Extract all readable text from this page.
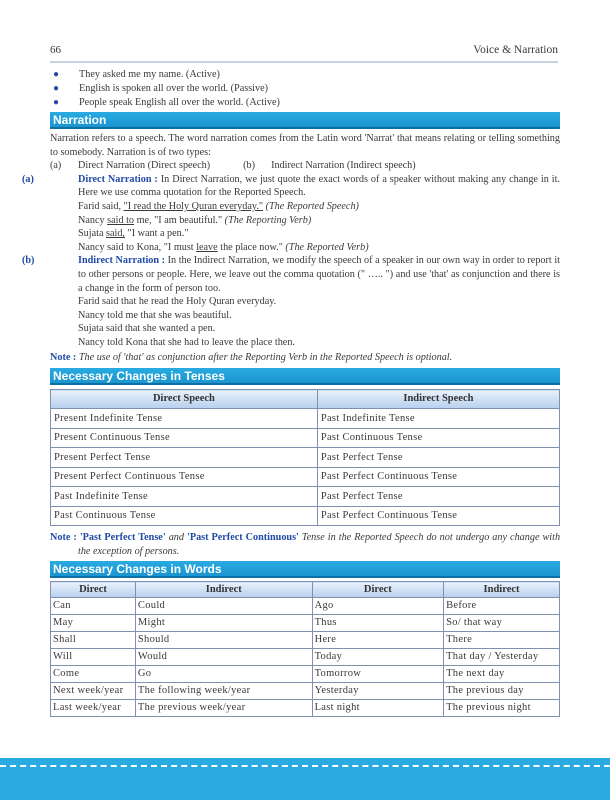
66	Voice & Narration
● They asked me my name. (Active)
● English is spoken all over the world. (Passive)
● People speak English all over the world. (Active)
Narration

Narration refers to a speech. The word narration comes from the Latin word 'Narrat' that means relating or telling something to somebody. Narration is of two types:

(a) Direct Narration (Direct speech)	(b) Indirect Narration (Indirect speech)

(a)	Direct Narration : In Direct Narration, we just quote the exact words of a speaker without making any change in it. Here we use comma quotation for the Reported Speech.

Farid said, "I read the Holy Quran everyday." (The Reported Speech)
Nancy said to me, "I am beautiful." (The Reporting Verb)
Sujata said, "I want a pen."
Nancy said to Kona, "I must leave the place now." (The Reported Verb)

(b)	Indirect Narration : In the Indirect Narration, we modify the speech of a speaker in our own way in order to report it to other persons or people. Here, we leave out the comma quotation (" ….. ") and use 'that' as conjunction and there is a change in the form of person too.

Farid said that he read the Holy Quran everyday.
Nancy told me that she was beautiful.
Sujata said that she wanted a pen.
Nancy told Kona that she had to leave the place then.

Note : The use of 'that' as conjunction after the Reporting Verb in the Reported Speech is optional.

Necessary Changes in Tenses
Direct Speech	Indirect Speech
Present Indefinite Tense	Past Indefinite Tense
Present Continuous Tense	Past Continuous Tense
Present Perfect Tense	Past Perfect Tense
Present Perfect Continuous Tense	Past Perfect Continuous Tense
Past Indefinite Tense	Past Perfect Tense
Past Continuous Tense	Past Perfect Continuous Tense

Note : 'Past Perfect Tense' and 'Past Perfect Continuous' Tense in the Reported Speech do not undergo any change with the exception of persons.

Necessary Changes in Words
Direct	Indirect	Direct	Indirect
Can	Could	Ago	Before
May	Might	Thus	So/ that way
Shall	Should	Here	There
Will	Would	Today	That day / Yesterday
Come	Go	Tomorrow	The next day
Next week/year	The following week/year	Yesterday	The previous day
Last week/year	The previous week/year	Last night	The previous night
